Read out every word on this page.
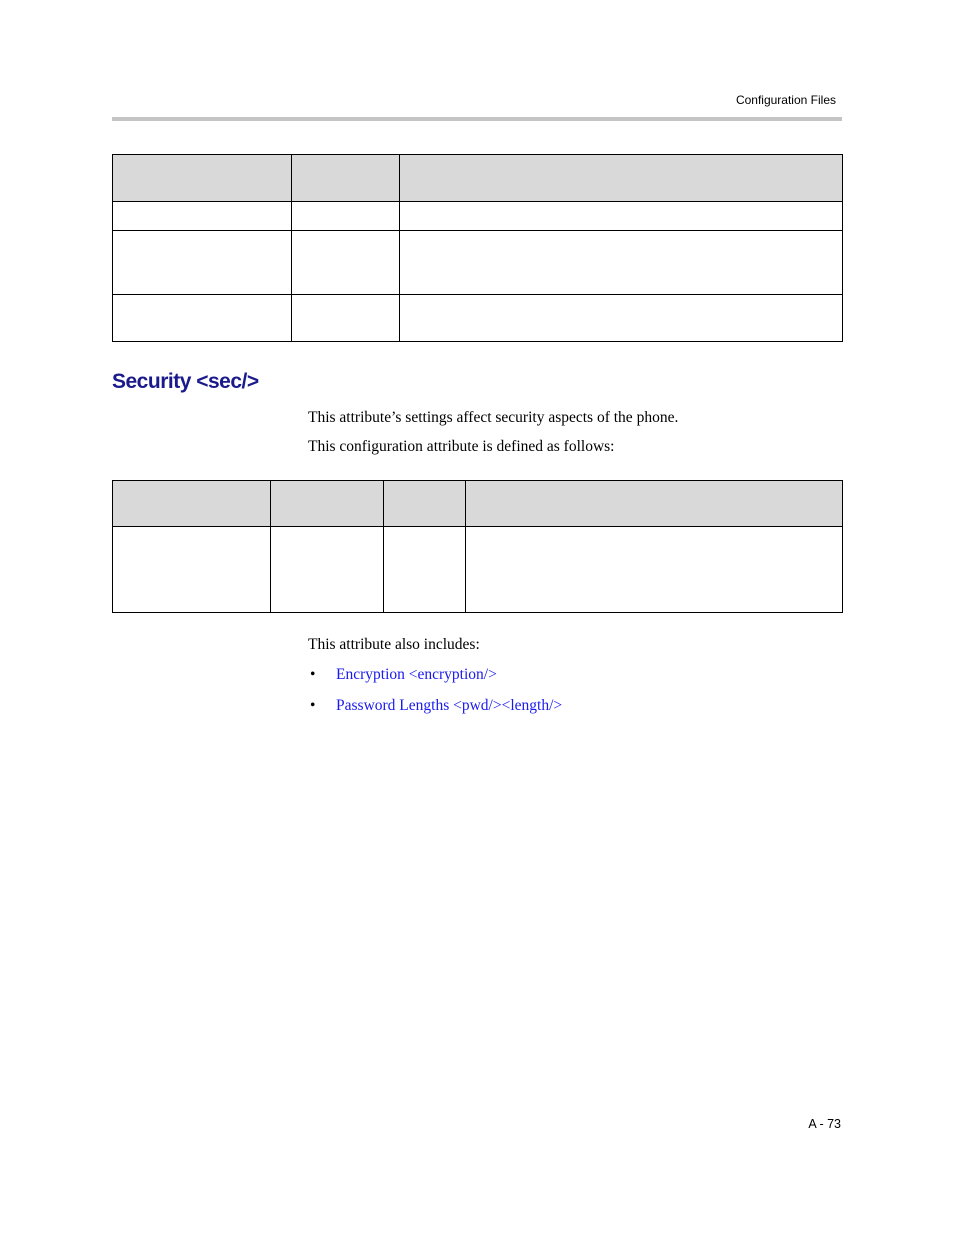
Configuration Files

Security <sec/>

This attribute’s settings affect security aspects of the phone.

This configuration attribute is defined as follows:

This attribute also includes:

• Encryption <encryption/>
• Password Lengths <pwd/><length/>
A - 73
